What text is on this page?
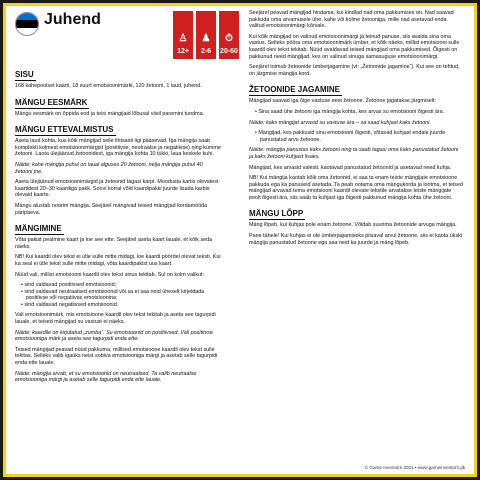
Juhend
SISU

168 kahepoolset kaarti, 18 suurt emotsioonimärki, 120 žetooni, 1 laud, juhend.

MÄNGU EESMÄRK

Mängu eesmärk on õppida end ja teisi mängijaid lõbusal viisil paremini tundma.

MÄNGU ETTEVALMISTUS

Aseta laud kohta, kus kõik mängijad selle lihtsasti ligi pääsevad. Iga mängija saab komplekti kolmest emotsioonimärgist (positiivse, neutraalse ja negatiivse) ning kümme žetooni. Laota ülejäänud žetoonidest, iga mängija kohta 10 tükki, laua keskele kuhi.

Näide: kahe mängija puhul on laual alguses 20 žetooni, nelja mängija puhul 40 žetooni jne.

Aseta ülejäänud emotsioonimärgid ja žetoonid tagasi karpi. Moodusta kartis olevatest kaartidest 20–30 kaardiga pakk. Soovi korral võid kaardipakki juurde lisada karbis olevaid kaarte.

Mängu alustab noorim mängija. Seejärel mängivad teised mängijad kordamööda päripäeva.

MÄNGIMINE

Võta pakist pealmine kaart ja loe see ette. Seejärel aseta kaart lauale, et kõik seda näeks.

NB! Kui kaardil olev tekst ei ütle sulle mitte midagi, loe kaardi pöördel olevat teksti. Kui ka seal ei ütle tekst sulle mitte midagi, võta kaardipakist uus kaart.

Nüüd vali, millist emotsiooni kaardil olev tekst sinus tekitab. Sul on kolm valikut:

• sind valdavad positiivsed emotsioonid;
• sind valdavad neutraalsed emotsioonid või sa ei saa neid üheselt kirjeldada positiivse või negatiivse emotsioonina;
• sind valdavad negatiivsed emotsioonid.

Vali emotsioonimärk, mis emotsioone kaardil olev tekst tekitab ja aseta see tagurpidi lauale, et teised mängijad su vastust ei näeks.

Näide: kaardile on kirjutatud „zumba“. Su emotsioonid on positiivsed. Vali positiivse emotsiooniga märk ja aseta see tagurpidi enda ette.

Teised mängijad peavad nüüd pakkuma, millised emotsioone kaardil olev tekst sulle tekitas. Selleks valib igaüks neist sobiva emotsiooniga märgi ja asetab selle tagurpidi enda ette lauale.

Näide: mängija arvab, et su emotsioonid on neutraalsed. Ta valib neutraalse emotsiooniga märgi ja asetab selle tagurpidi enda ette lauale.

♙
12+
♟
2-6
⏱
20-60

Seejärel peavad mängijad hindama, kui kindlad nad oma pakkumises on. Nad saavad pakkuda oma arvamusele ühe, kahe või kolme žetooniga, mille nad asetavad enda valitud emotsioonimärgi kõrvale.

Kui kõik mängijad on valinud emotsioonimärgi ja teinud panuse, siis avalda sina oma vastus. Selleks pööra oma emotsioonimärk ümber, et kõik näeks, millist emotsiooni sulle kaardil olev tekst tekitab. Nüüd avaldavad teised mängijad oma pakkumised. Õigesti on pakkunud need mängijad, kes on valinud sinuga samasuguse emotsioonimärgi.

Seejärel toimub žetoonide ümberjagamine (vt: „Žetoonide jagamine“). Kui see on tehtud, on järgmise mängija kord.

ŽETOONIDE JAGAMINE

Mängijad saavad iga õige vastuse eest žetoone. Žetoone jagatakse järgmiselt:

• Sina saad ühe žetooni iga mängija kohta, kes arvas su emotsiooni õigesti ära.

Näide: kaks mängijat arvasid su vastuse ära – sa saad kuhjast kaks žetooni.

• Mängijad, kes pakkusid sinu emotsiooni õigesti, võtavad kuhjast endale juurde panustatud arvu žetoone.

Näide: mängija panustas kaks žetooni ning ta saab tagasi oma kaks panustatud žetooni ja kaks žetooni kuhjast lisaks.

Mängijad, kes arvasid valesti, kaotavad panustatud žetoonid ja asetavad need kuhja.

NB! Kui mängija kaotab kõik oma žetoonid, ei saa ta enam teiste mängijate emotsioone pakkuda ega ka panuseid asetada. Ta peab ootama oma mängukorda ja lootma, et teised mängijad arvavad tema emotsiooni kaardil olevate tekstile arvatakse teiste mängijate poolt õigesti ära, siis saab ta kuhjast iga õigesti pakkunud mängija kohta ühe žetooni.

MÄNGU LÕPP

Mäng lõpeb, kui kuhjas pole enam žetoone. Võidab suurima žetoonide arvuga mängija.

Pane tähele! Kui kuhjas ei ole ümberjagamiseks piisaval arvul žetoone, siis ei kaota ükski mängija panustatud žetoone ega saa neid ka juurde ja mäng lõpeb.

© Game Inventors 2021 • www.gameinventors.dk
